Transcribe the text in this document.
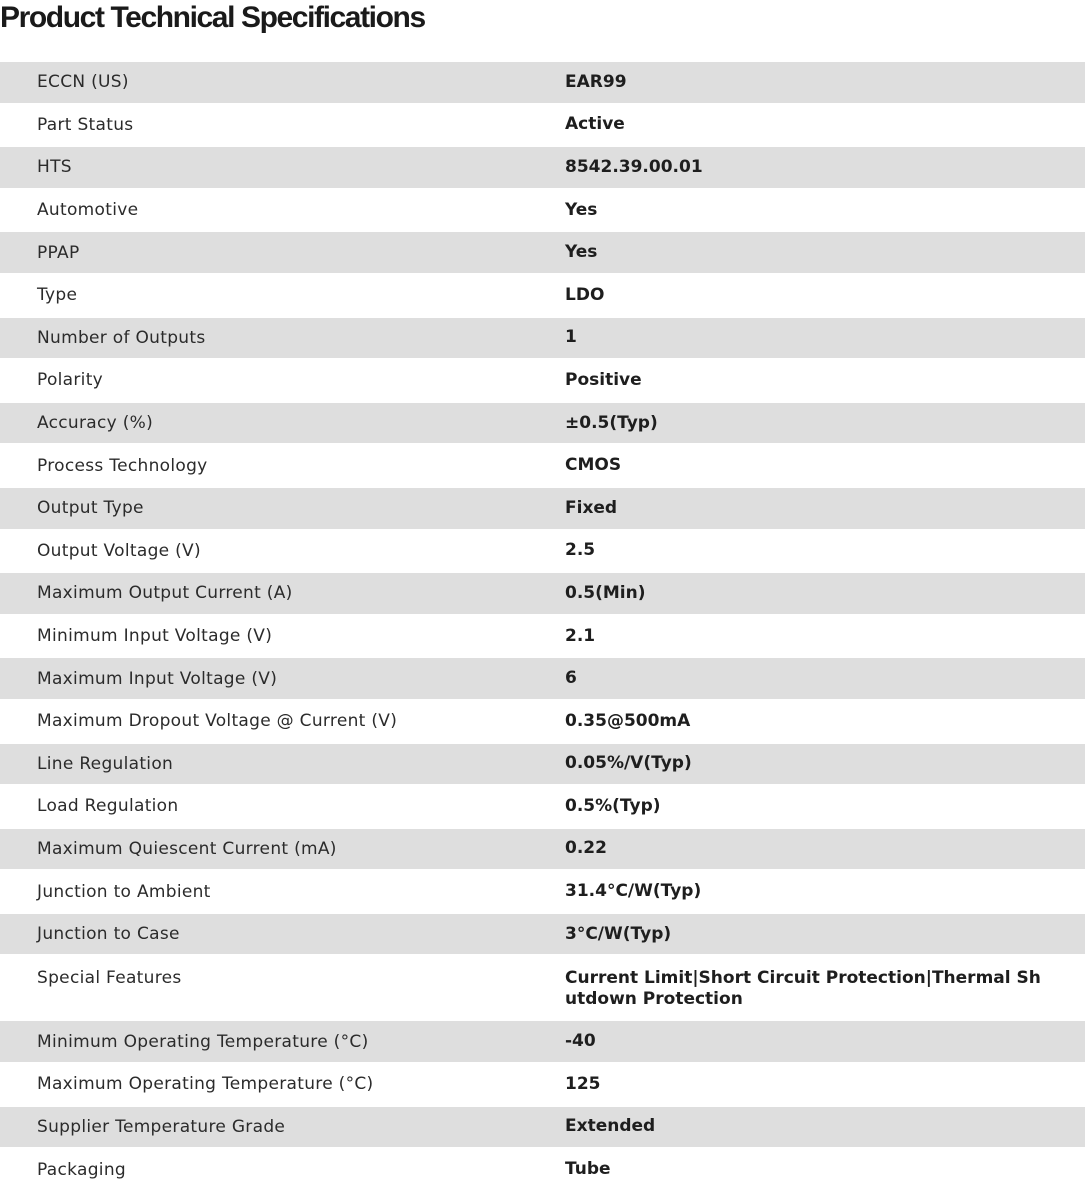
Product Technical Specifications
ECCN (US)	EAR99
Part Status	Active
HTS	8542.39.00.01
Automotive	Yes
PPAP	Yes
Type	LDO
Number of Outputs	1
Polarity	Positive
Accuracy (%)	±0.5(Typ)
Process Technology	CMOS
Output Type	Fixed
Output Voltage (V)	2.5
Maximum Output Current (A)	0.5(Min)
Minimum Input Voltage (V)	2.1
Maximum Input Voltage (V)	6
Maximum Dropout Voltage @ Current (V)	0.35@500mA
Line Regulation	0.05%/V(Typ)
Load Regulation	0.5%(Typ)
Maximum Quiescent Current (mA)	0.22
Junction to Ambient	31.4°C/W(Typ)
Junction to Case	3°C/W(Typ)
Special Features	Current Limit|Short Circuit Protection|Thermal Shutdown Protection
Minimum Operating Temperature (°C)	-40
Maximum Operating Temperature (°C)	125
Supplier Temperature Grade	Extended
Packaging	Tube
